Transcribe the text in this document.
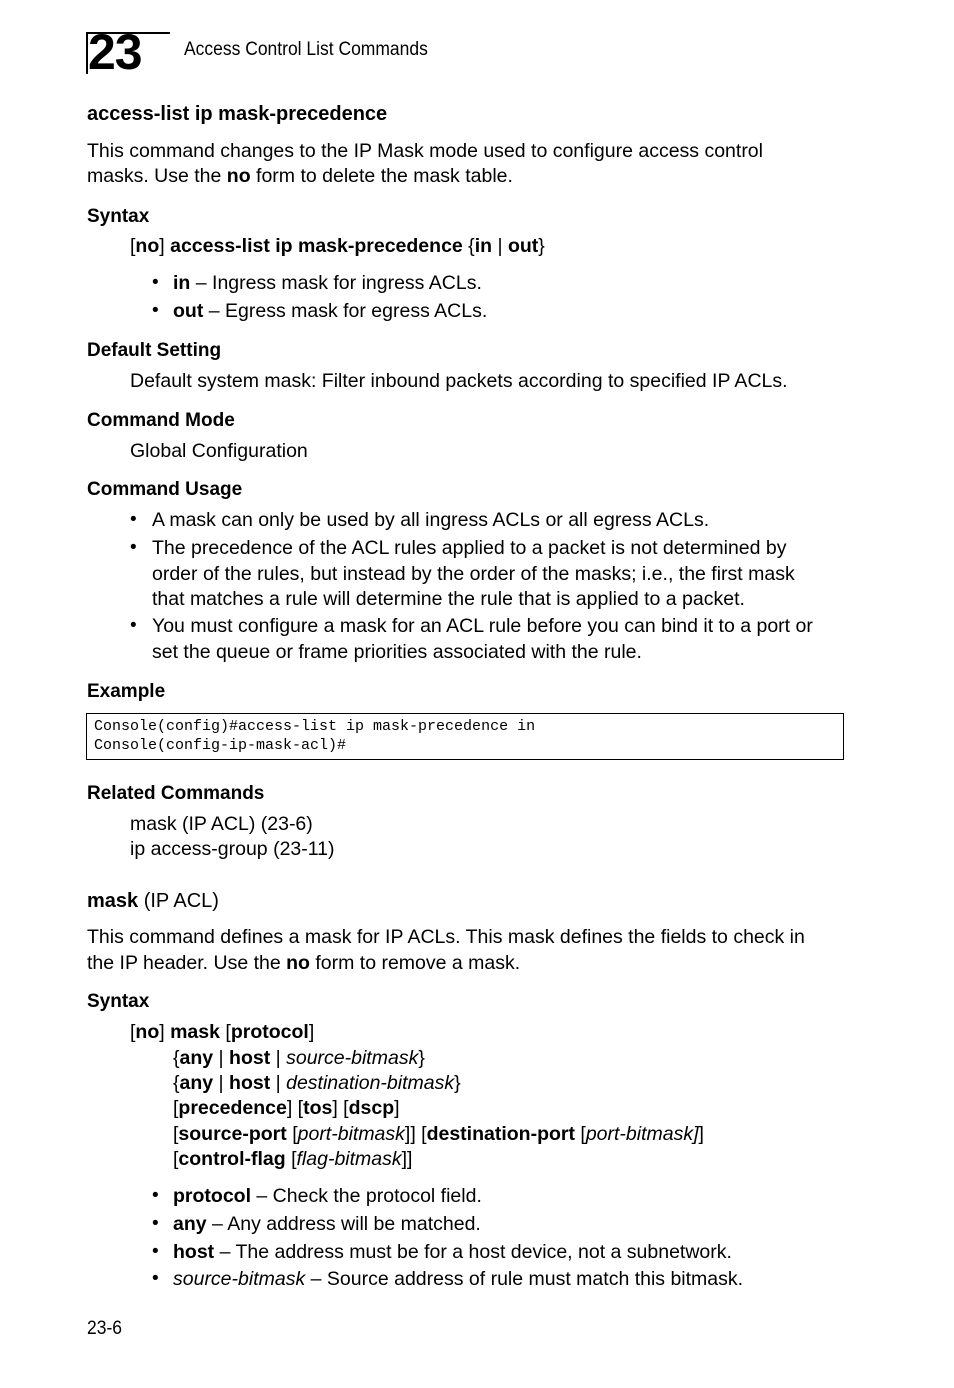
23 Access Control List Commands
access-list ip mask-precedence
This command changes to the IP Mask mode used to configure access control
masks. Use the no form to delete the mask table.
Syntax
[no] access-list ip mask-precedence {in | out}
• in – Ingress mask for ingress ACLs.
• out – Egress mask for egress ACLs.
Default Setting
Default system mask: Filter inbound packets according to specified IP ACLs.
Command Mode
Global Configuration
Command Usage
• A mask can only be used by all ingress ACLs or all egress ACLs.
• The precedence of the ACL rules applied to a packet is not determined by
order of the rules, but instead by the order of the masks; i.e., the first mask
that matches a rule will determine the rule that is applied to a packet.
• You must configure a mask for an ACL rule before you can bind it to a port or
set the queue or frame priorities associated with the rule.
Example
Console(config)#access-list ip mask-precedence in
Console(config-ip-mask-acl)#
Related Commands
mask (IP ACL) (23-6)
ip access-group (23-11)
mask (IP ACL)
This command defines a mask for IP ACLs. This mask defines the fields to check in
the IP header. Use the no form to remove a mask.
Syntax
[no] mask [protocol]
{any | host | source-bitmask}
{any | host | destination-bitmask}
[precedence] [tos] [dscp]
[source-port [port-bitmask]] [destination-port [port-bitmask]]
[control-flag [flag-bitmask]]
• protocol – Check the protocol field.
• any – Any address will be matched.
• host – The address must be for a host device, not a subnetwork.
• source-bitmask – Source address of rule must match this bitmask.
23-6
